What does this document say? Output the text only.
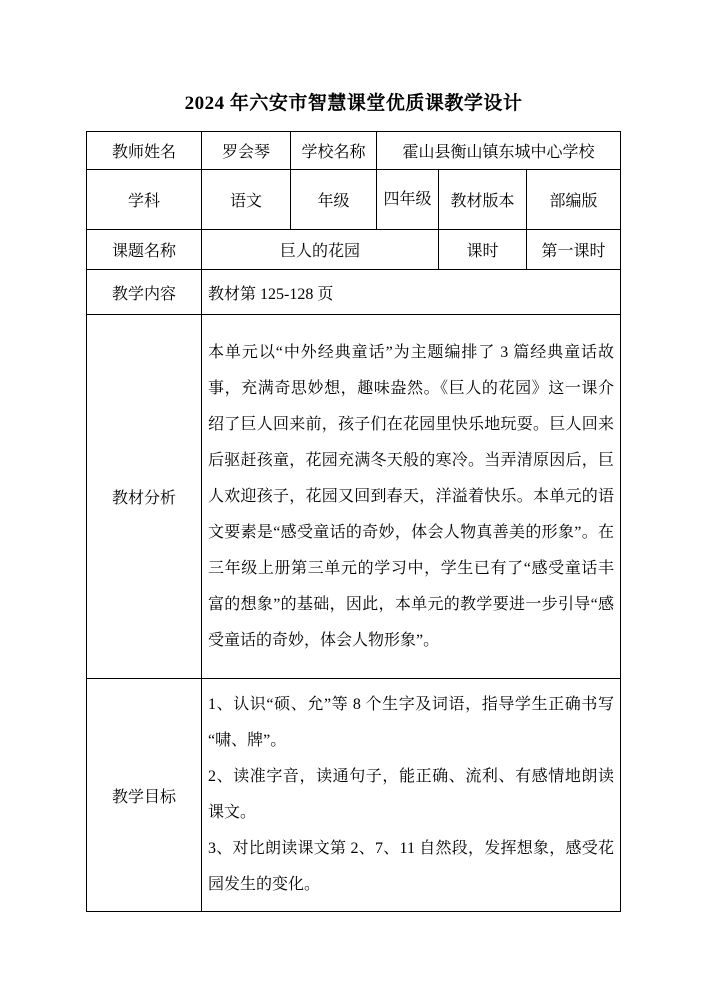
2024 年六安市智慧课堂优质课教学设计
教师姓名	罗会琴	学校名称	霍山县衡山镇东城中心学校		
学科	语文	年级	四年级	教材版本	部编版
课题名称	巨人的花园			课时	第一课时
教学内容	教材第 125-128 页				
教材分析	本单元以“中外经典童话”为主题编排了 3 篇经典童话故事，充满奇思妙想，趣味盎然。《巨人的花园》这一课介绍了巨人回来前，孩子们在花园里快乐地玩耍。巨人回来后驱赶孩童，花园充满冬天般的寒冷。当弄清原因后，巨人欢迎孩子，花园又回到春天，洋溢着快乐。本单元的语文要素是“感受童话的奇妙，体会人物真善美的形象”。在三年级上册第三单元的学习中，学生已有了“感受童话丰富的想象”的基础，因此，本单元的教学要进一步引导“感受童话的奇妙，体会人物形象”。				
教学目标	1、认识“硕、允”等 8 个生字及词语，指导学生正确书写“啸、牌”。

2、读准字音，读通句子，能正确、流利、有感情地朗读课文。

3、对比朗读课文第 2、7、11 自然段，发挥想象，感受花园发生的变化。				
